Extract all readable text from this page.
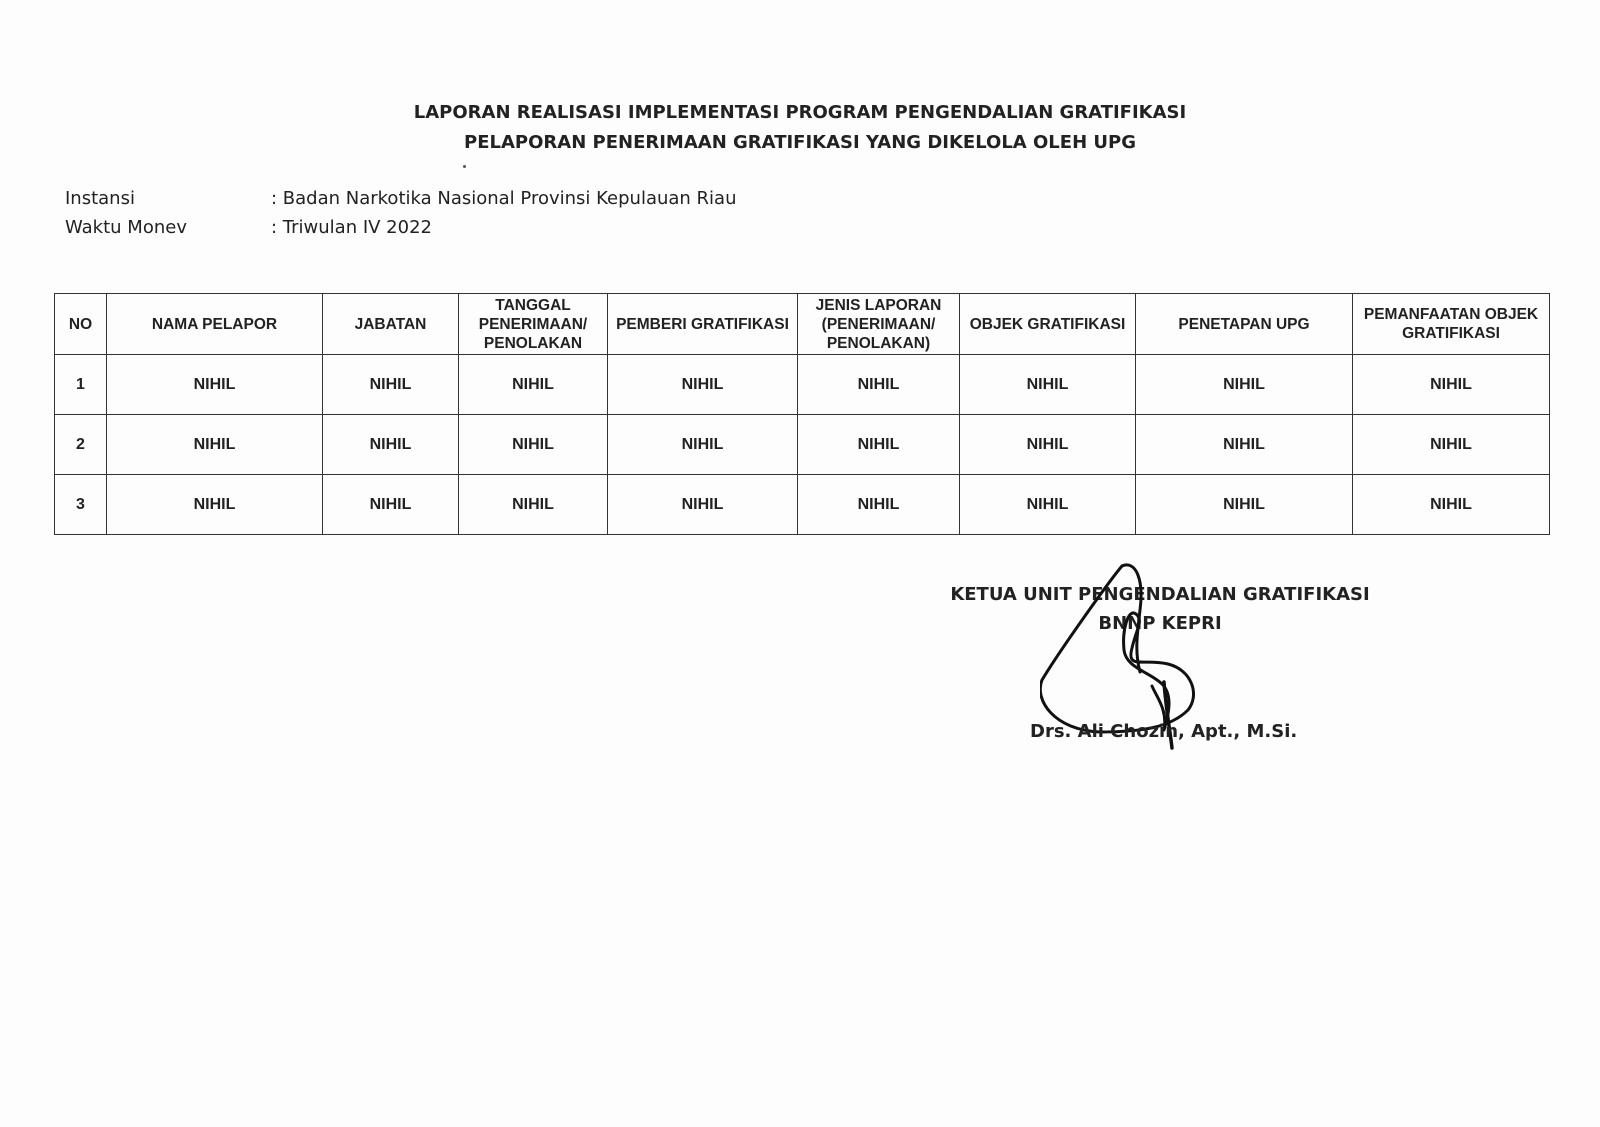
LAPORAN REALISASI IMPLEMENTASI PROGRAM PENGENDALIAN GRATIFIKASI
PELAPORAN PENERIMAAN GRATIFIKASI YANG DIKELOLA OLEH UPG
Instansi	: Badan Narkotika Nasional Provinsi Kepulauan Riau
Waktu Monev	: Triwulan IV 2022
NO	NAMA PELAPOR	JABATAN	TANGGAL PENERIMAAN/ PENOLAKAN	PEMBERI GRATIFIKASI	JENIS LAPORAN (PENERIMAAN/ PENOLAKAN)	OBJEK GRATIFIKASI	PENETAPAN UPG	PEMANFAATAN OBJEK GRATIFIKASI
1	NIHIL	NIHIL	NIHIL	NIHIL	NIHIL	NIHIL	NIHIL	NIHIL
2	NIHIL	NIHIL	NIHIL	NIHIL	NIHIL	NIHIL	NIHIL	NIHIL
3	NIHIL	NIHIL	NIHIL	NIHIL	NIHIL	NIHIL	NIHIL	NIHIL
KETUA UNIT PENGENDALIAN GRATIFIKASI
BNNP KEPRI
Drs. Ali Chozin, Apt., M.Si.
